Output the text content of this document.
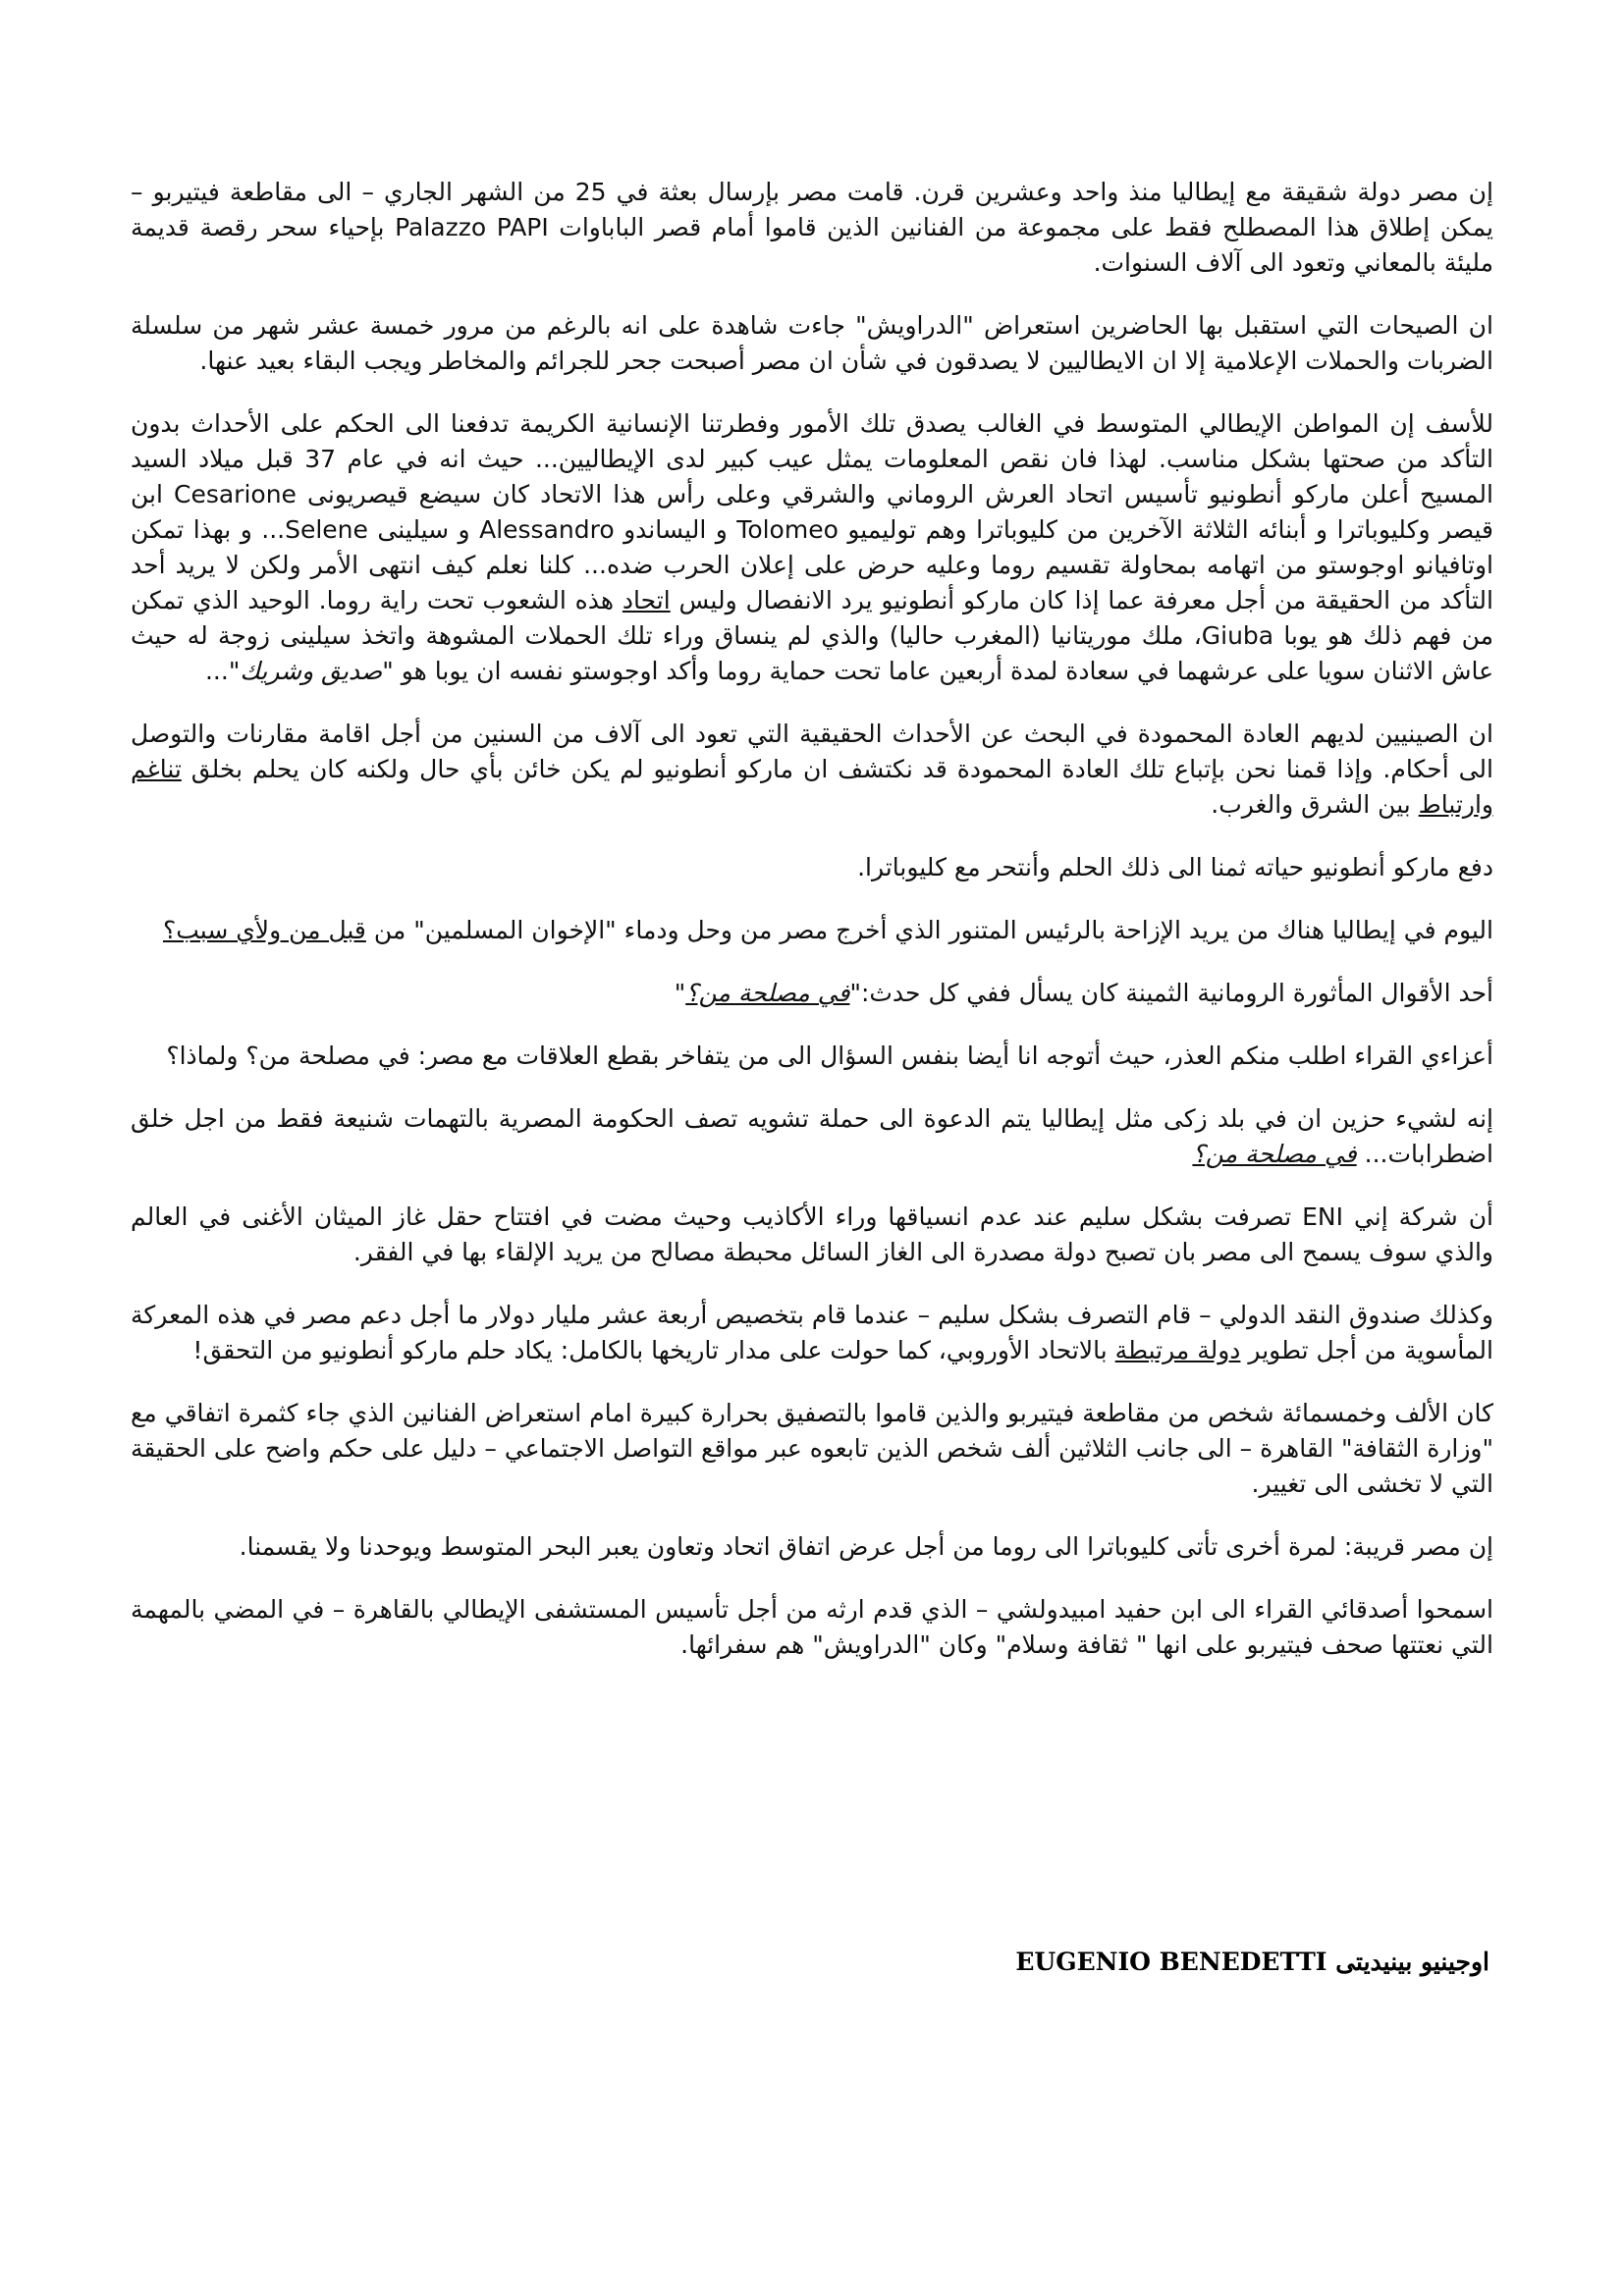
إن مصر دولة شقيقة مع إيطاليا منذ واحد وعشرين قرن. قامت مصر بإرسال بعثة في 25 من الشهر الجاري – الى مقاطعة فيتيربو – يمكن إطلاق هذا المصطلح فقط على مجموعة من الفنانين الذين قاموا أمام قصر الباباوات Palazzo PAPI بإحياء سحر رقصة قديمة مليئة بالمعاني وتعود الى آلاف السنوات.

ان الصيحات التي استقبل بها الحاضرين استعراض "الدراويش" جاءت شاهدة على انه بالرغم من مرور خمسة عشر شهر من سلسلة الضربات والحملات الإعلامية إلا ان الايطاليين لا يصدقون في شأن ان مصر أصبحت جحر للجرائم والمخاطر ويجب البقاء بعيد عنها.

للأسف إن المواطن الإيطالي المتوسط في الغالب يصدق تلك الأمور وفطرتنا الإنسانية الكريمة تدفعنا الى الحكم على الأحداث بدون التأكد من صحتها بشكل مناسب. لهذا فان نقص المعلومات يمثل عيب كبير لدى الإيطاليين... حيث انه في عام 37 قبل ميلاد السيد المسيح أعلن ماركو أنطونيو تأسيس اتحاد العرش الروماني والشرقي وعلى رأس هذا الاتحاد كان سيضع قيصريونى Cesarione ابن قيصر وكليوباترا و أبنائه الثلاثة الآخرين من كليوباترا وهم توليميو Tolomeo و اليساندو Alessandro و سيلينى Selene... و بهذا تمكن اوتافيانو اوجوستو من اتهامه بمحاولة تقسيم روما وعليه حرض على إعلان الحرب ضده... كلنا نعلم كيف انتهى الأمر ولكن لا يريد أحد التأكد من الحقيقة من أجل معرفة عما إذا كان ماركو أنطونيو يرد الانفصال وليس اتحاد هذه الشعوب تحت راية روما. الوحيد الذي تمكن من فهم ذلك هو يوبا Giuba، ملك موريتانيا (المغرب حاليا) والذي لم ينساق وراء تلك الحملات المشوهة واتخذ سيلينى زوجة له حيث عاش الاثنان سويا على عرشهما في سعادة لمدة أربعين عاما تحت حماية روما وأكد اوجوستو نفسه ان يوبا هو "صديق وشريك"...

ان الصينيين لديهم العادة المحمودة في البحث عن الأحداث الحقيقية التي تعود الى آلاف من السنين من أجل اقامة مقارنات والتوصل الى أحكام. وإذا قمنا نحن بإتباع تلك العادة المحمودة قد نكتشف ان ماركو أنطونيو لم يكن خائن بأي حال ولكنه كان يحلم بخلق تناغم وارتباط بين الشرق والغرب.

دفع ماركو أنطونيو حياته ثمنا الى ذلك الحلم وأنتحر مع كليوباترا.

اليوم في إيطاليا هناك من يريد الإزاحة بالرئيس المتنور الذي أخرج مصر من وحل ودماء "الإخوان المسلمين" من قبل من ولأي سبب؟

أحد الأقوال المأثورة الرومانية الثمينة كان يسأل ففي كل حدث:"في مصلحة من؟"

أعزاءي القراء اطلب منكم العذر، حيث أتوجه انا أيضا بنفس السؤال الى من يتفاخر بقطع العلاقات مع مصر: في مصلحة من؟ ولماذا؟

إنه لشيء حزين ان في بلد زكى مثل إيطاليا يتم الدعوة الى حملة تشويه تصف الحكومة المصرية بالتهمات شنيعة فقط من اجل خلق اضطرابات... في مصلحة من؟

أن شركة إني ENI تصرفت بشكل سليم عند عدم انسياقها وراء الأكاذيب وحيث مضت في افتتاح حقل غاز الميثان الأغنى في العالم والذي سوف يسمح الى مصر بان تصبح دولة مصدرة الى الغاز السائل محبطة مصالح من يريد الإلقاء بها في الفقر.

وكذلك صندوق النقد الدولي – قام التصرف بشكل سليم – عندما قام بتخصيص أربعة عشر مليار دولار ما أجل دعم مصر في هذه المعركة المأسوية من أجل تطوير دولة مرتبطة بالاتحاد الأوروبي، كما حولت على مدار تاريخها بالكامل: يكاد حلم ماركو أنطونيو من التحقق!

كان الألف وخمسمائة شخص من مقاطعة فيتيربو والذين قاموا بالتصفيق بحرارة كبيرة امام استعراض الفنانين الذي جاء كثمرة اتفاقي مع "وزارة الثقافة" القاهرة – الى جانب الثلاثين ألف شخص الذين تابعوه عبر مواقع التواصل الاجتماعي – دليل على حكم واضح على الحقيقة التي لا تخشى الى تغيير.

إن مصر قريبة: لمرة أخرى تأتى كليوباترا الى روما من أجل عرض اتفاق اتحاد وتعاون يعبر البحر المتوسط ويوحدنا ولا يقسمنا.

اسمحوا أصدقائي القراء الى ابن حفيد امبيدولشي – الذي قدم ارثه من أجل تأسيس المستشفى الإيطالي بالقاهرة – في المضي بالمهمة التي نعتتها صحف فيتيربو على انها " ثقافة وسلام" وكان "الدراويش" هم سفرائها.

اوجينيو بينيديتى EUGENIO BENEDETTI
